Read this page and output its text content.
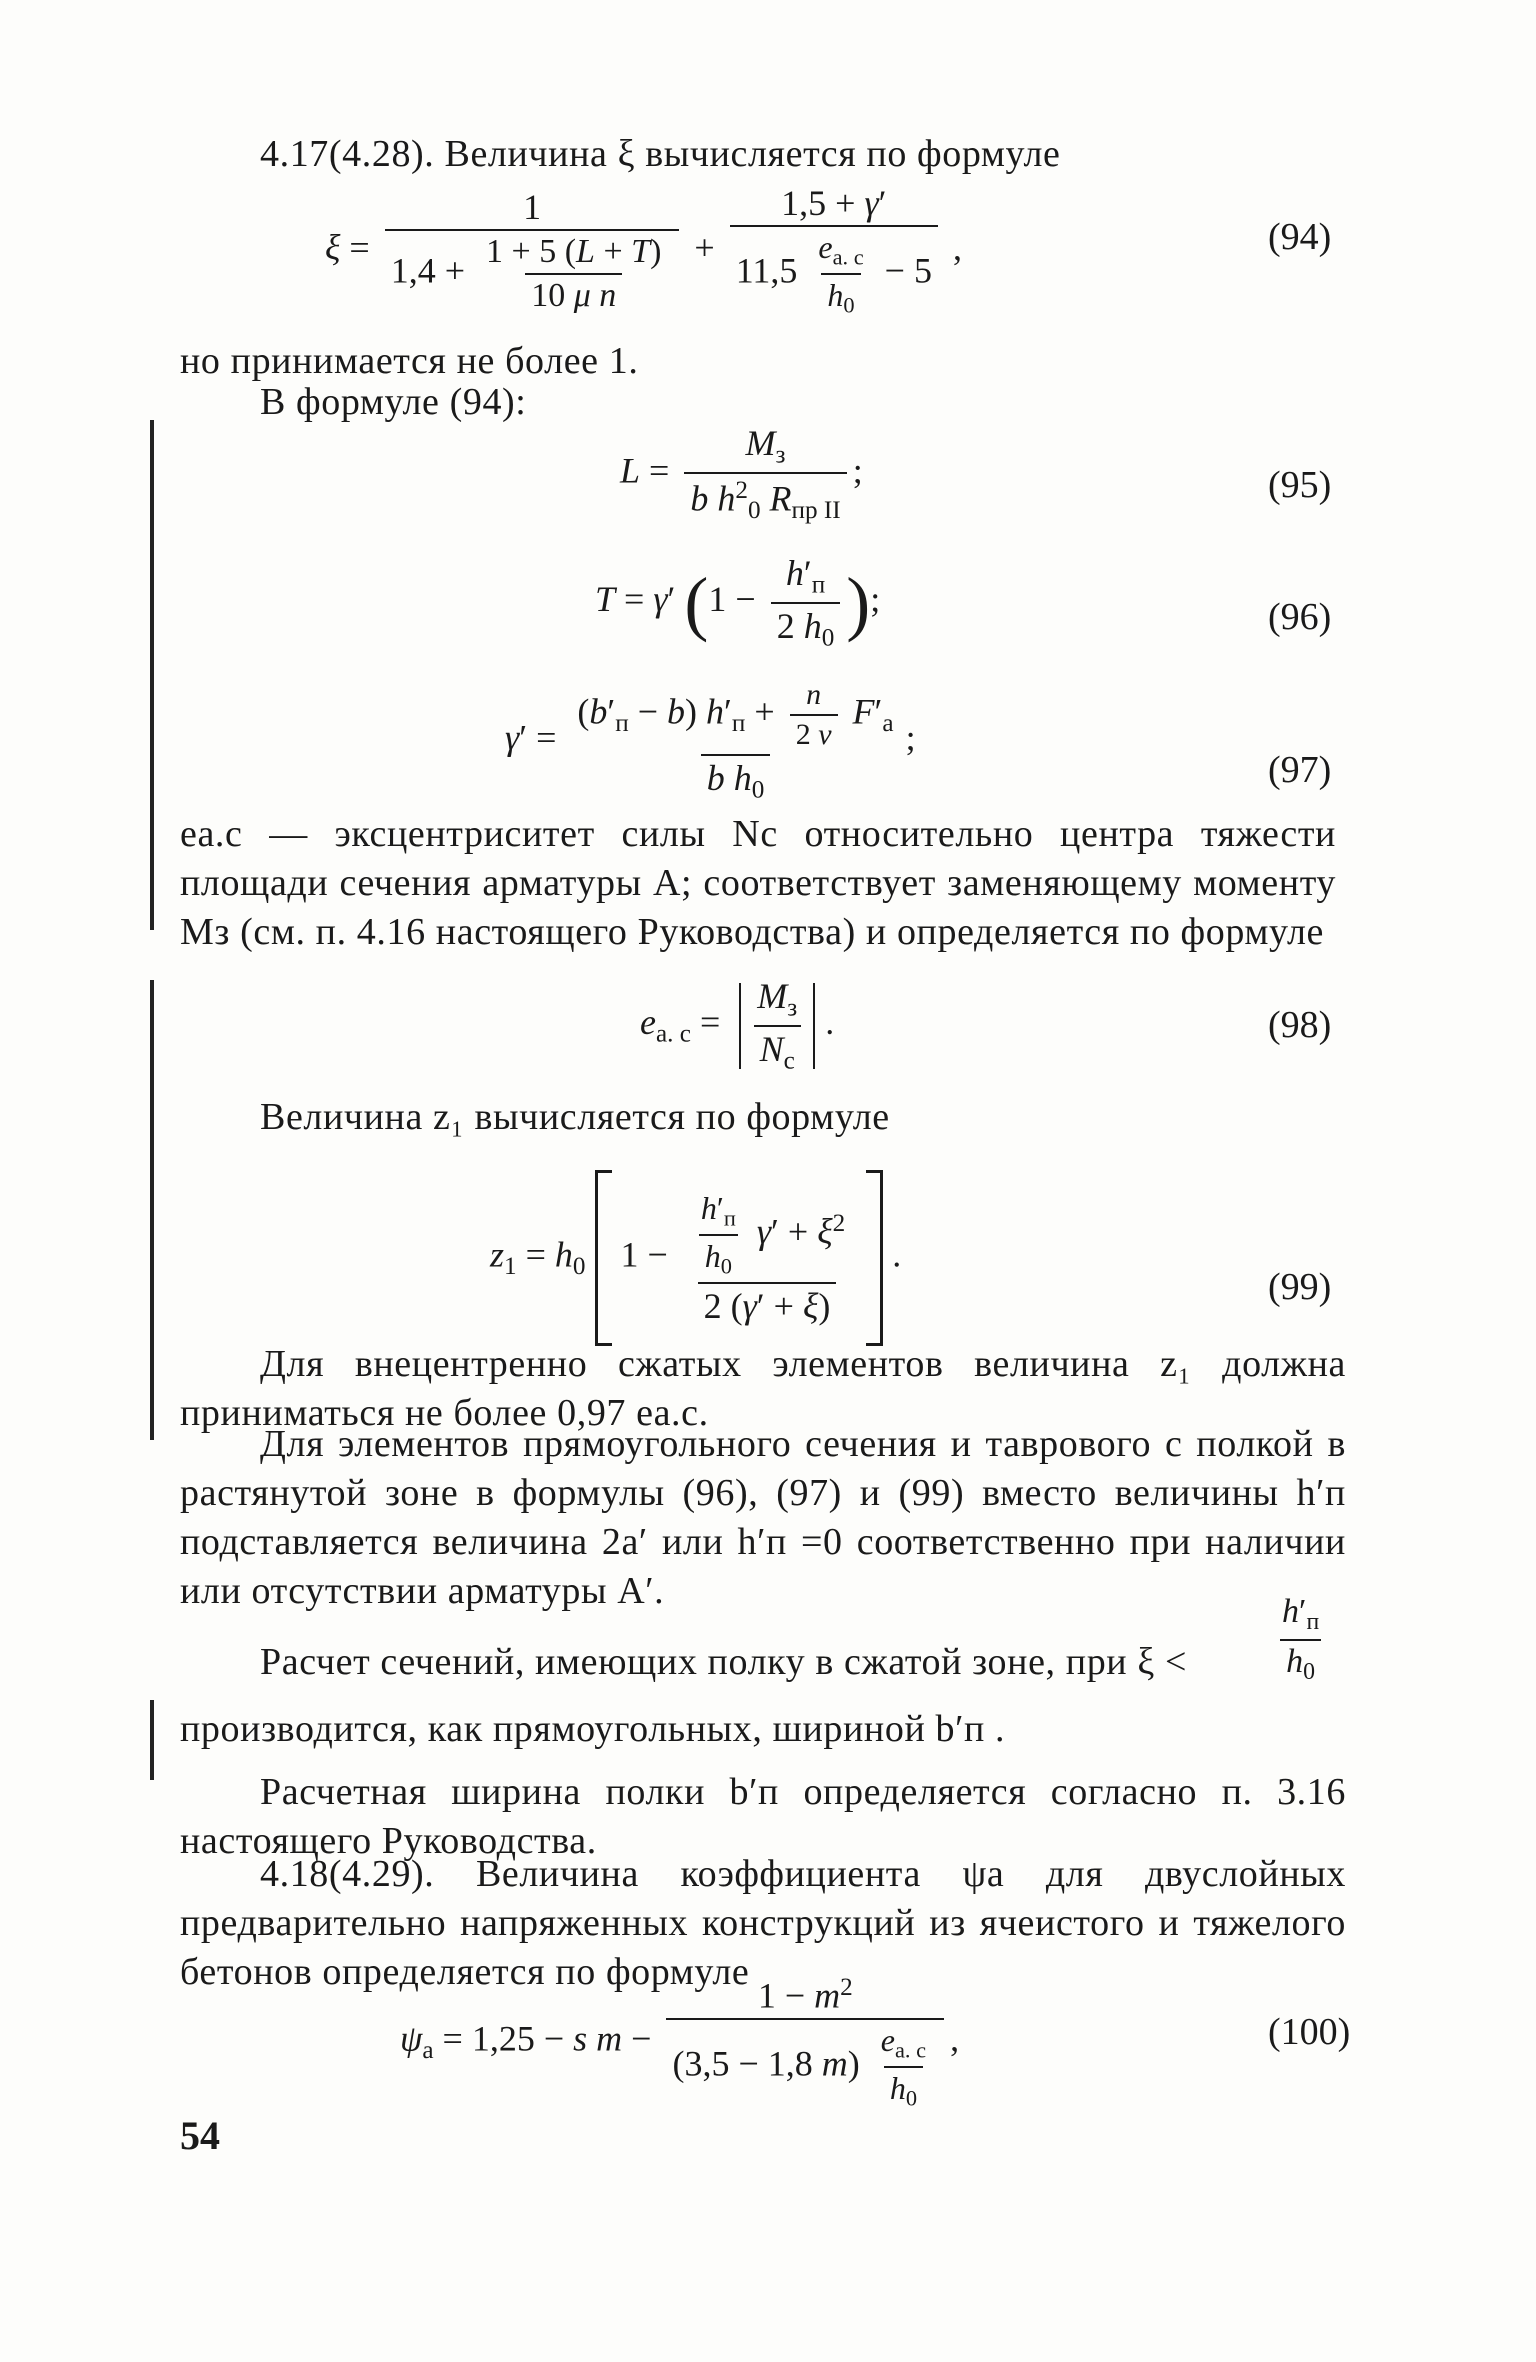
4.17(4.28). Величина ξ вычисляется по формуле

$\xi = \frac{1}{1,4 + \frac{1 + 5 (L + T)}{\text{10 μ n}}}$ +
1,5 + γ′
$11,5 \frac{e_{а. с}}{h_0} - 5$
,	(94)

но принимается не более 1.

В формуле (94):

$L = \frac{M_з}{b h^2_0 R_{пр II}}$ ;	(95)
T = γ′ ($1 - \frac{h'_п}{2 h_0}$ );	(96)
γ′ =
$(b'_п - b) h'_п + \frac{n}{2 \nu} F'_а$
b $h_0$
;
(97)

eа.с — эксцентриситет силы Nс относительно центра тяжести площади сечения арматуры A; соответствует заменяющему моменту Mз (см. п. 4.16 настоящего Руководства) и определяется по формуле

$e_{а. с} = \frac{M_з}{N_с}$ .	(98)

Величина z₁ вычисляется по формуле

$z_1 = h_0$  $1 - \frac{\frac{h'_п}{h_0} \gamma' + \xi^2}{2 (\gamma' + \xi)}$ .
(99)

Для внецентренно сжатых элементов величина z₁ должна приниматься не более 0,97 eа.с.

Для элементов прямоугольного сечения и таврового с полкой в растянутой зоне в формулы (96), (97) и (99) вместо величины h′п подставляется величина 2a′ или h′п =0 соответственно при наличии или отсутствии арматуры A′.

Расчет сечений, имеющих полку в сжатой зоне, при ξ <	$\frac{h'_п}{h_0}$

производится, как прямоугольных, шириной b′п .

Расчетная ширина полки b′п определяется согласно п. 3.16 настоящего Руководства.

4.18(4.29). Величина коэффициента ψа для двуслойных предварительно напряженных конструкций из ячеистого и тяжелого бетонов определяется по формуле

$\psi_а = 1,25 - s$ $m - \frac{1 - m^2}{(3,5 - 1,8 m) \frac{e_{а. с}}{h_0}}$ ,	(100)
54
